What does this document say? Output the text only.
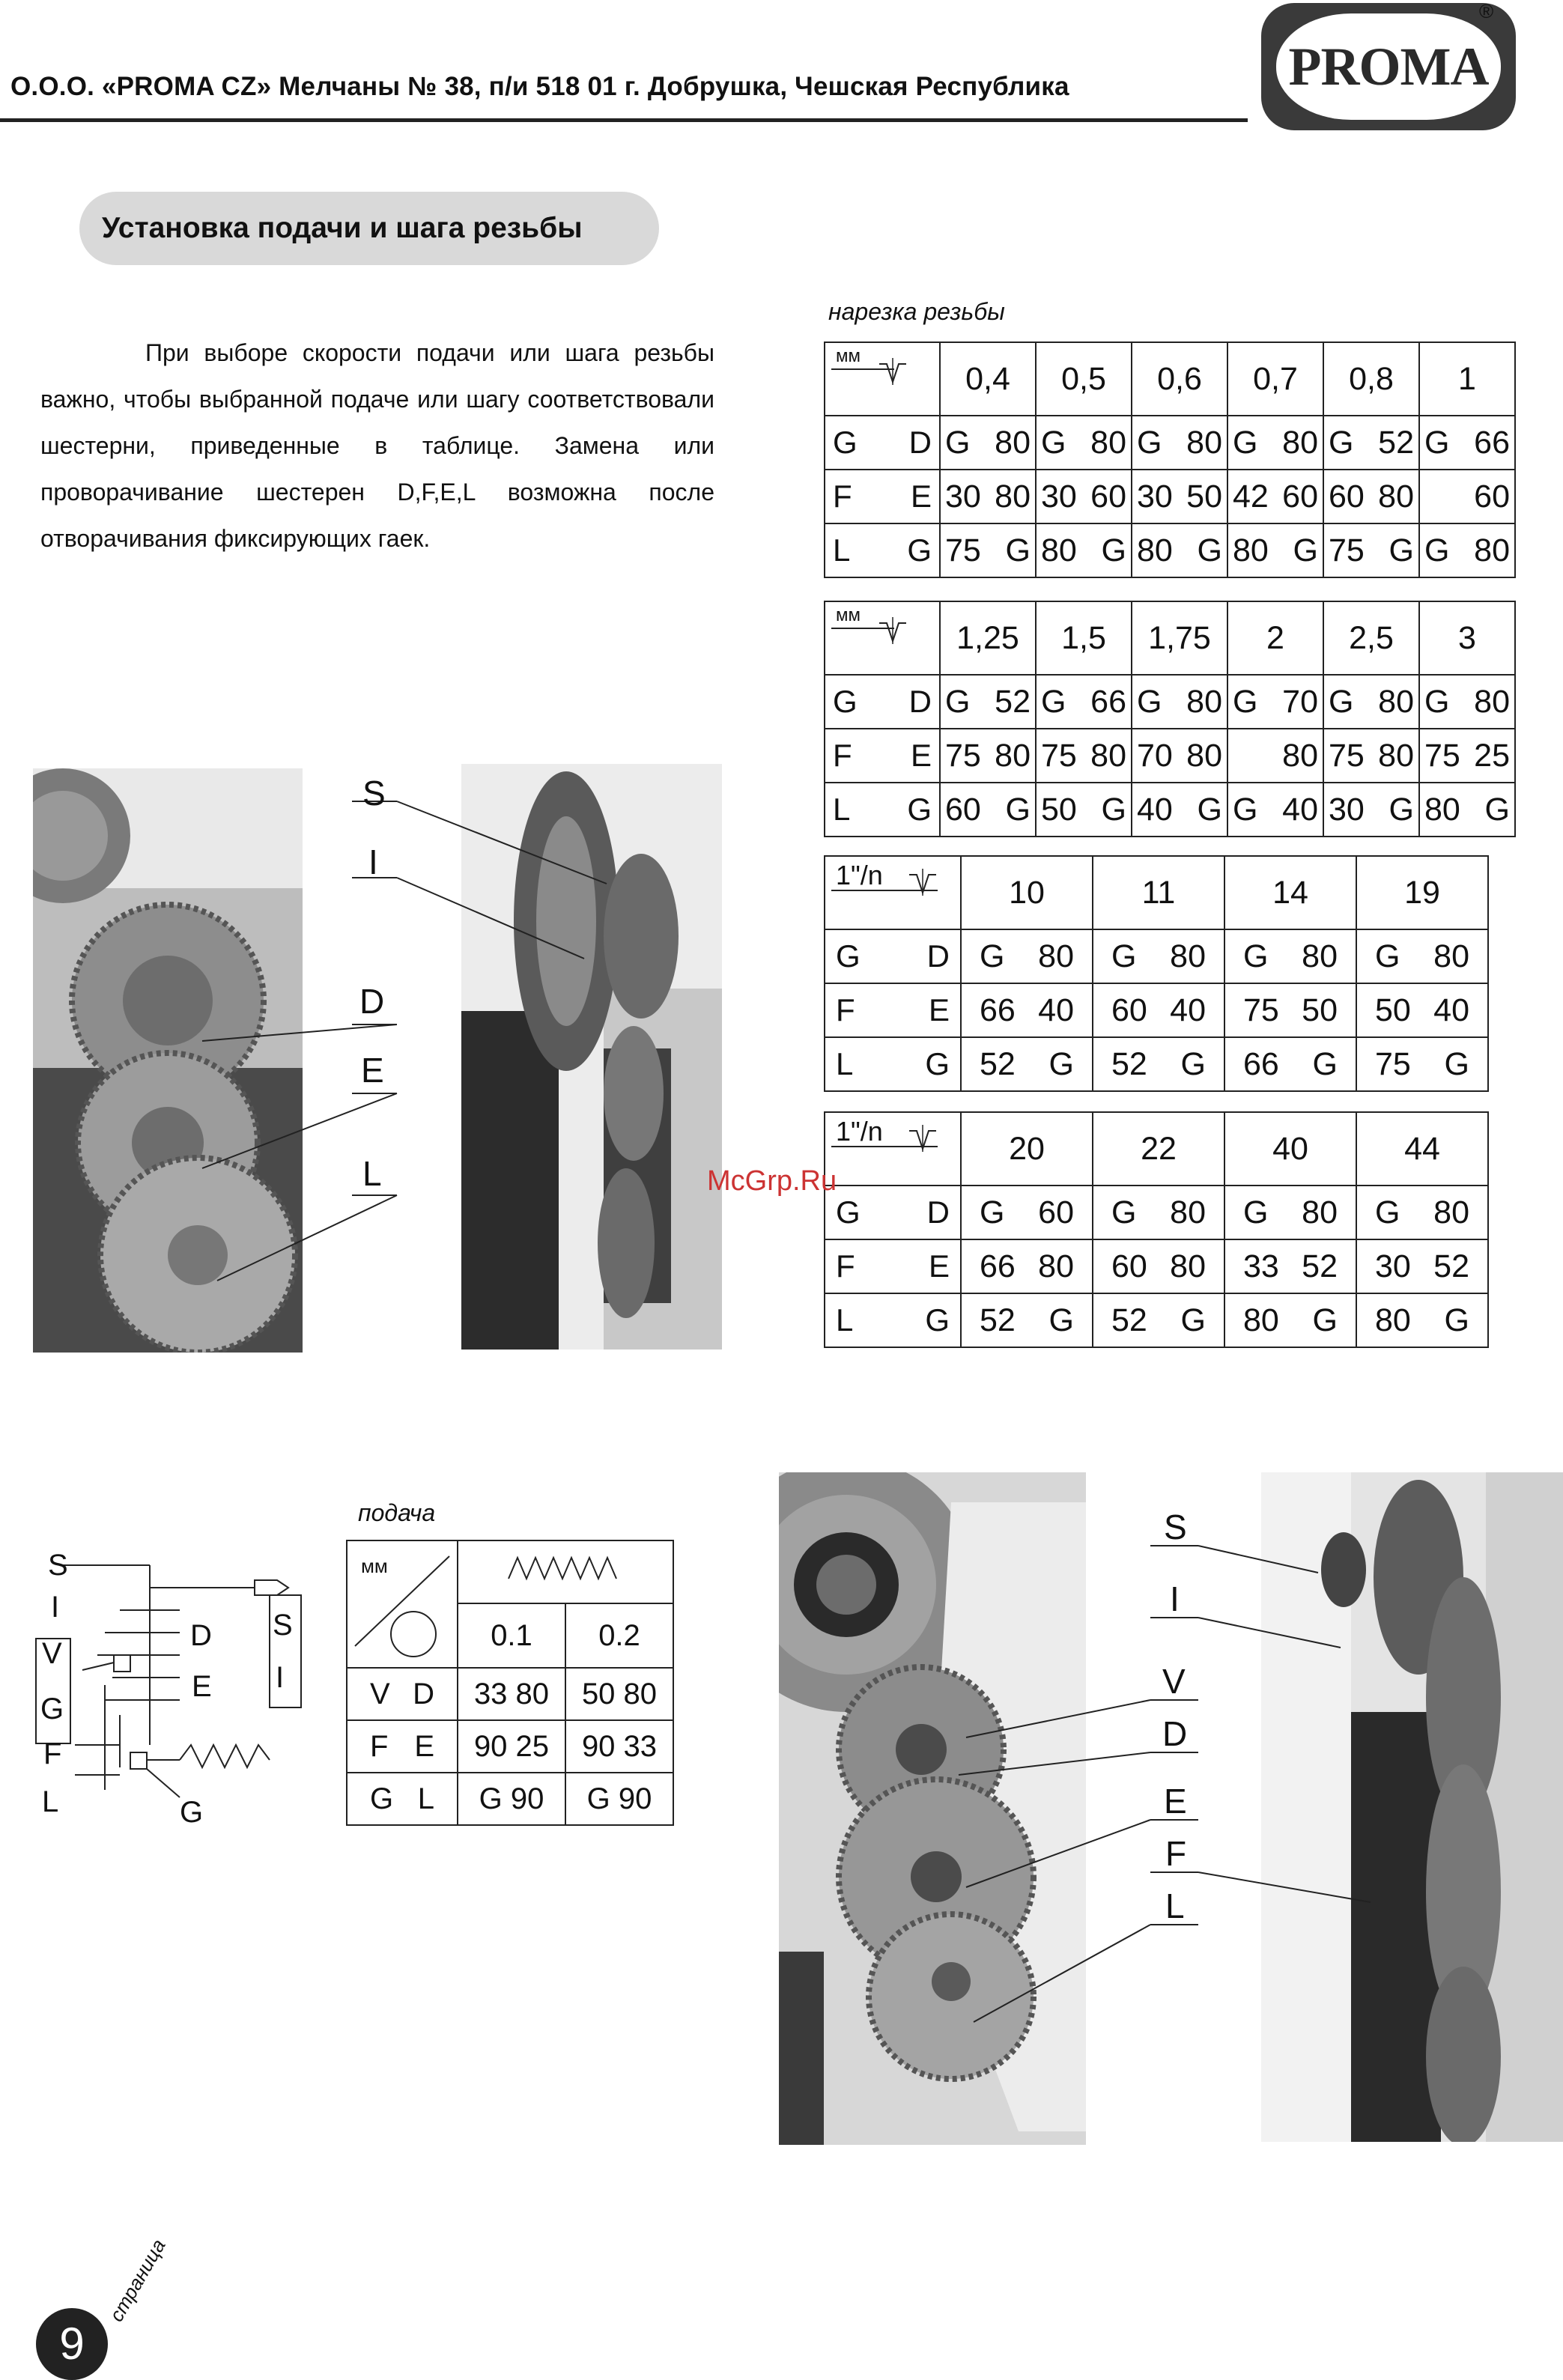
О.О.О. «PROMA CZ» Мелчаны № 38, п/и 518 01 г. Добрушка, Чешская Республика	PROMA
®
Установка подачи и шага резьбы
При выборе скорости подачи или шага резьбы важно, чтобы выбранной подаче или шагу соответствовали шестерни, приведенные в таблице. Замена или проворачивание шестерен D,F,E,L возможна после отворачивания фиксирующих гаек.
нарезка резьбы
мм	0,4	0,5	0,6	0,7	0,8	1

G D	G 80	G 80	G 80	G 80	G 52	G 66

F E	30 80	30 60	30 50	42 60	60 80	60

L G	75 G	80 G	80 G	80 G	75 G	G 80
мм	1,25	1,5	1,75	2	2,5	3

G D	G 52	G 66	G 80	G 70	G 80	G 80

F E	75 80	75 80	70 80	80	75 80	75 25

L G	60 G	50 G	40 G	G 40	30 G	80 G
1"/n	10	11	14	19

G D	G 80	G 80	G 80	G 80

F E	66 40	60 40	75 50	50 40

L G	52 G	52 G	66 G	75 G
1"/n	20	22	40	44

G D	G 60	G 80	G 80	G 80

F E	66 80	60 80	33 52	30 52

L G	52 G	52 G	80 G	80 G
S
I
D
E
L	McGrp.Ru
S
I
V
G
F
L
D
E
G
S
I
подача
мм

	0.1	0.2

V D	33 80	50 80

F E	90 25	90 33

G L	G 90	G 90
S
I
V
D
E
F
L
9
страница
